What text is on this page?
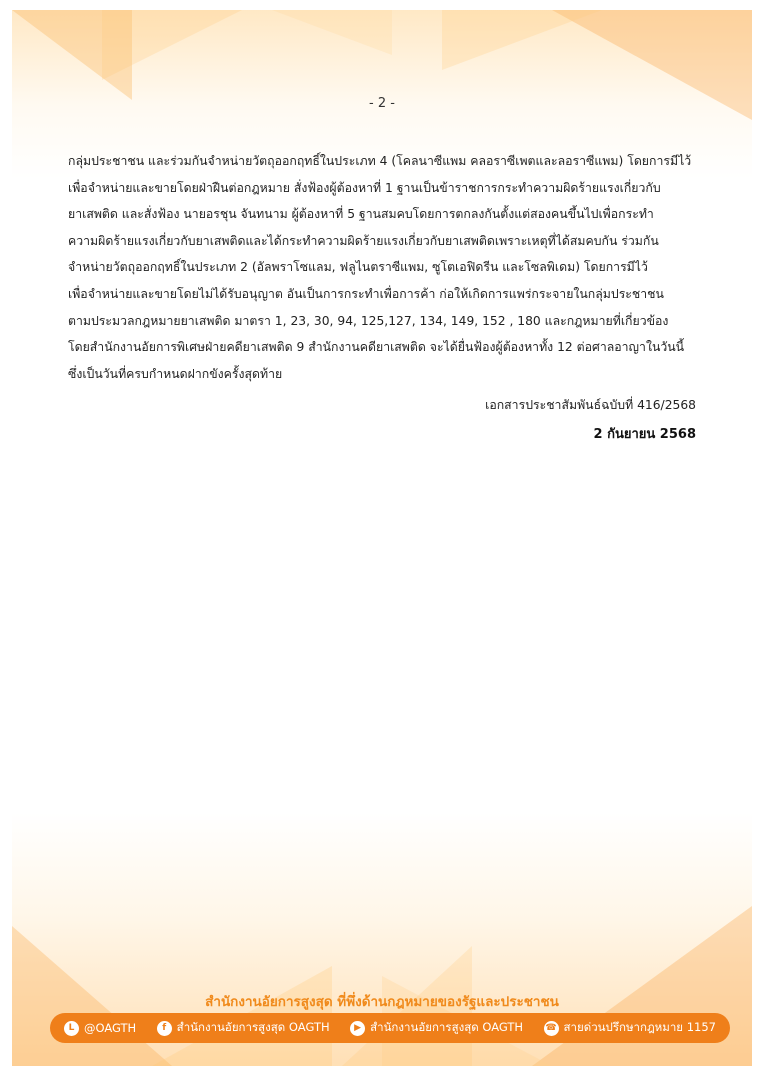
- 2 -
กลุ่มประชาชน และร่วมกันจำหน่ายวัตถุออกฤทธิ์ในประเภท 4 (โคลนาซีแพม คลอราซีเพตและลอราซีแพม) โดยการมีไว้
เพื่อจำหน่ายและขายโดยฝ่าฝืนต่อกฎหมาย สั่งฟ้องผู้ต้องหาที่ 1 ฐานเป็นข้าราชการกระทำความผิดร้ายแรงเกี่ยวกับ
ยาเสพติด และสั่งฟ้อง นายอรชุน จันทนาม ผู้ต้องหาที่ 5 ฐานสมคบโดยการตกลงกันตั้งแต่สองคนขึ้นไปเพื่อกระทำ
ความผิดร้ายแรงเกี่ยวกับยาเสพติดและได้กระทำความผิดร้ายแรงเกี่ยวกับยาเสพติดเพราะเหตุที่ได้สมคบกัน ร่วมกัน
จำหน่ายวัตถุออกฤทธิ์ในประเภท 2 (อัลพราโซแลม, ฟลูไนตราซีแพม, ซูโตเอฟิดรีน และโซลพิเดม) โดยการมีไว้
เพื่อจำหน่ายและขายโดยไม่ได้รับอนุญาต อันเป็นการกระทำเพื่อการค้า ก่อให้เกิดการแพร่กระจายในกลุ่มประชาชน
ตามประมวลกฎหมายยาเสพติด มาตรา 1, 23, 30, 94, 125,127, 134, 149, 152 , 180 และกฎหมายที่เกี่ยวข้อง
โดยสำนักงานอัยการพิเศษฝ่ายคดียาเสพติด 9 สำนักงานคดียาเสพติด จะได้ยื่นฟ้องผู้ต้องหาทั้ง 12 ต่อศาลอาญาในวันนี้
ซึ่งเป็นวันที่ครบกำหนดฝากขังครั้งสุดท้าย
เอกสารประชาสัมพันธ์ฉบับที่ 416/2568
2 กันยายน 2568
สำนักงานอัยการสูงสุด ที่พึ่งด้านกฎหมายของรัฐและประชาชน
L @OAGTH	f สำนักงานอัยการสูงสุด OAGTH	▶ สำนักงานอัยการสูงสุด OAGTH ☎ สายด่วนปรึกษากฎหมาย 1157
